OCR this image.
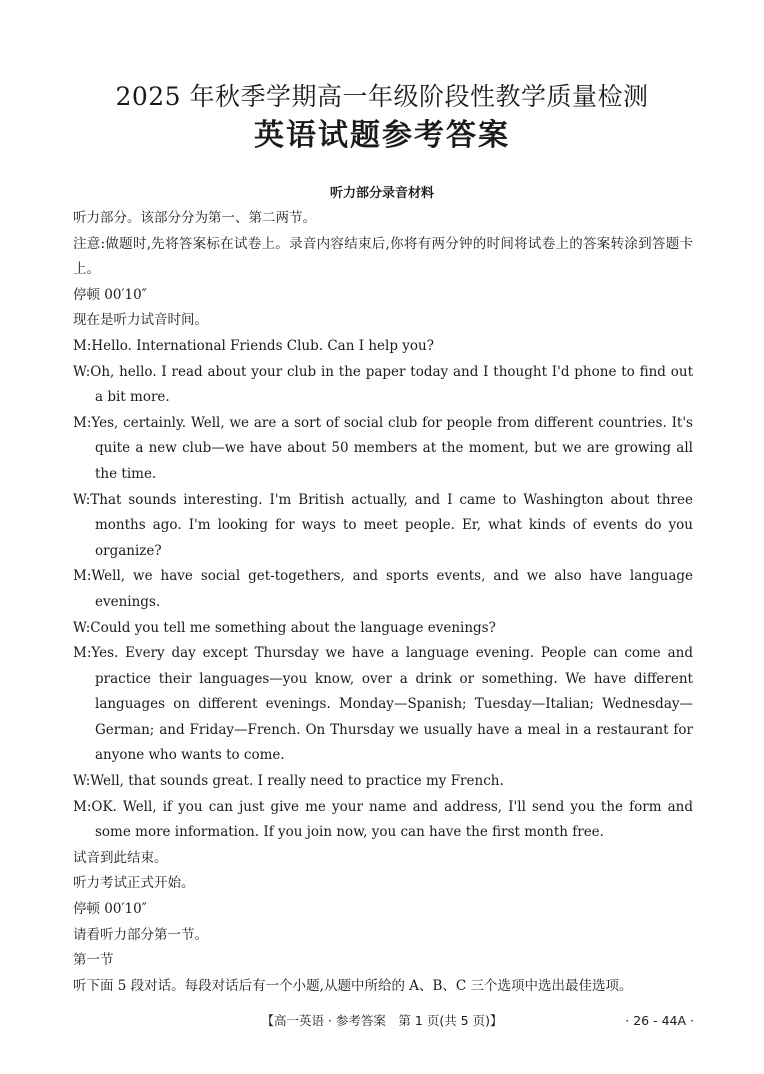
2025 年秋季学期高一年级阶段性教学质量检测
英语试题参考答案
听力部分录音材料
听力部分。该部分分为第一、第二两节。
注意:做题时,先将答案标在试卷上。录音内容结束后,你将有两分钟的时间将试卷上的答案转涂到答题卡上。
停顿 00′10″
现在是听力试音时间。
M:Hello. International Friends Club. Can I help you?
W:Oh, hello. I read about your club in the paper today and I thought I'd phone to find out a bit more.
M:Yes, certainly. Well, we are a sort of social club for people from different countries. It's quite a new club—we have about 50 members at the moment, but we are growing all the time.
W:That sounds interesting. I'm British actually, and I came to Washington about three months ago. I'm looking for ways to meet people. Er, what kinds of events do you organize?
M:Well, we have social get-togethers, and sports events, and we also have language evenings.
W:Could you tell me something about the language evenings?
M:Yes. Every day except Thursday we have a language evening. People can come and practice their languages—you know, over a drink or something. We have different languages on different evenings. Monday—Spanish; Tuesday—Italian; Wednesday—German; and Friday—French. On Thursday we usually have a meal in a restaurant for anyone who wants to come.
W:Well, that sounds great. I really need to practice my French.
M:OK. Well, if you can just give me your name and address, I'll send you the form and some more information. If you join now, you can have the first month free.
试音到此结束。
听力考试正式开始。
停顿 00′10″
请看听力部分第一节。
第一节
听下面 5 段对话。每段对话后有一个小题,从题中所给的 A、B、C 三个选项中选出最佳选项。
【高一英语 · 参考答案　第 1 页(共 5 页)】	· 26 - 44A ·
